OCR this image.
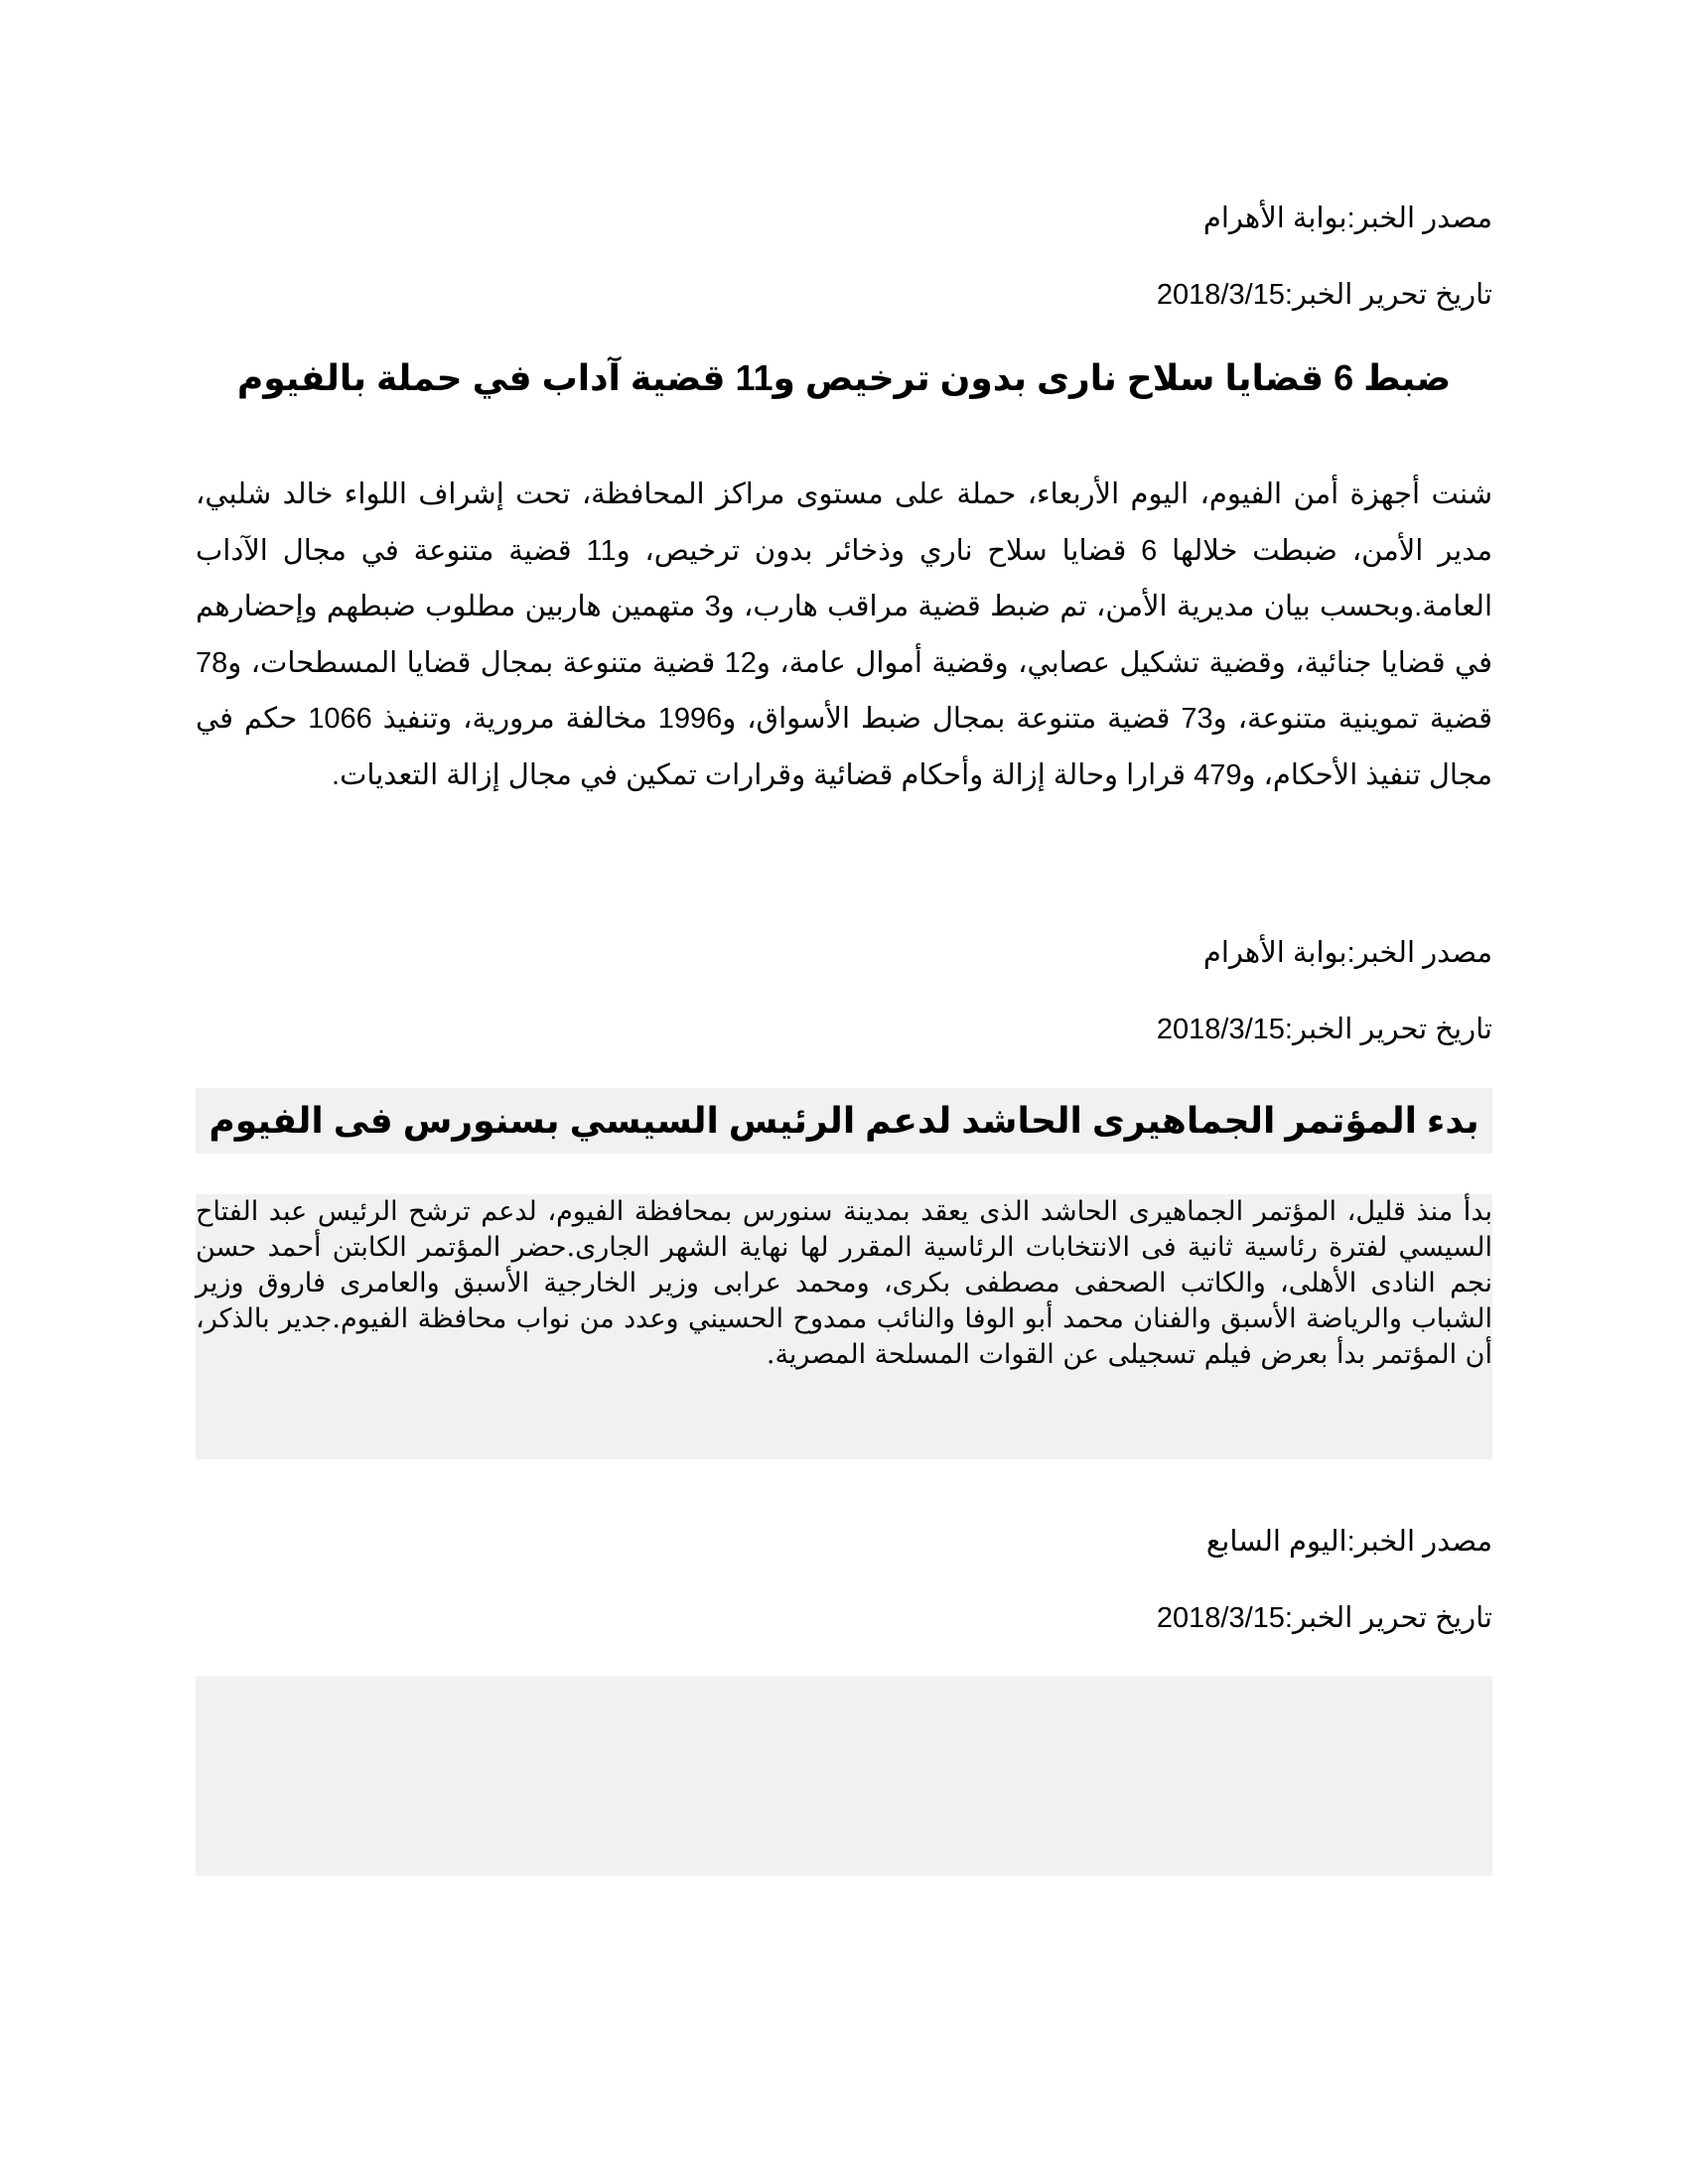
مصدر الخبر:بوابة الأهرام
تاريخ تحرير الخبر:2018/3/15
ضبط 6 قضايا سلاح نارى بدون ترخيص و11 قضية آداب في حملة بالفيوم
شنت أجهزة أمن الفيوم، اليوم الأربعاء، حملة على مستوى مراكز المحافظة، تحت إشراف اللواء خالد شلبي، مدير الأمن، ضبطت خلالها 6 قضايا سلاح ناري وذخائر بدون ترخيص، و11 قضية متنوعة في مجال الآداب العامة.وبحسب بيان مديرية الأمن، تم ضبط قضية مراقب هارب، و3 متهمين هاربين مطلوب ضبطهم وإحضارهم في قضايا جنائية، وقضية تشكيل عصابي، وقضية أموال عامة، و12 قضية متنوعة بمجال قضايا المسطحات، و78 قضية تموينية متنوعة، و73 قضية متنوعة بمجال ضبط الأسواق، و1996 مخالفة مرورية، وتنفيذ 1066 حكم في مجال تنفيذ الأحكام، و479 قرارا وحالة إزالة وأحكام قضائية وقرارات تمكين في مجال إزالة التعديات.
مصدر الخبر:بوابة الأهرام
تاريخ تحرير الخبر:2018/3/15
بدء المؤتمر الجماهيرى الحاشد لدعم الرئيس السيسي بسنورس فى الفيوم
بدأ منذ قليل، المؤتمر الجماهيرى الحاشد الذى يعقد بمدينة سنورس بمحافظة الفيوم، لدعم ترشح الرئيس عبد الفتاح السيسي لفترة رئاسية ثانية فى الانتخابات الرئاسية المقرر لها نهاية الشهر الجارى.حضر المؤتمر الكابتن أحمد حسن نجم النادى الأهلى، والكاتب الصحفى مصطفى بكرى، ومحمد عرابى وزير الخارجية الأسبق والعامرى فاروق وزير الشباب والرياضة الأسبق والفنان محمد أبو الوفا والنائب ممدوح الحسيني وعدد من نواب محافظة الفيوم.جدير بالذكر، أن المؤتمر بدأ بعرض فيلم تسجيلى عن القوات المسلحة المصرية.
مصدر الخبر:اليوم السابع
تاريخ تحرير الخبر:2018/3/15
